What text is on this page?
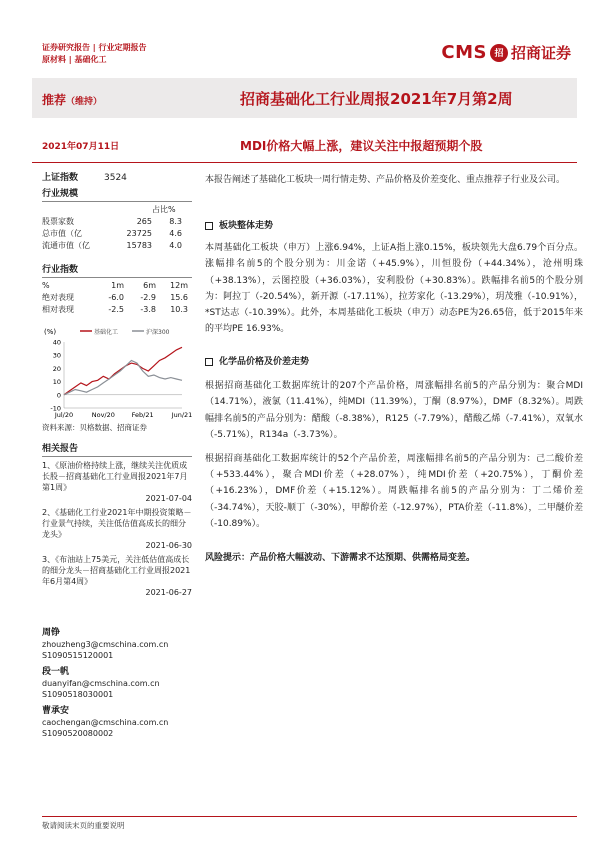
证券研究报告 | 行业定期报告
原材料 | 基础化工	CMS 招 招商证券
推荐（维持）	招商基础化工行业周报2021年7月第2周
2021年07月11日	MDI价格大幅上涨，建议关注中报超预期个股
上证指数	3524
行业规模
占比%
股票家数	265	8.3
总市值（亿	23725	4.6
流通市值（亿	15783	4.0
行业指数
%	1m	6m	12m
绝对表现	-6.0	-2.9	15.6
相对表现	-2.5	-3.8	10.3
(%)	基础化工	沪深300
40
30
20
10
0
-10
Jul/20	Nov/20	Feb/21	Jun/21
资料来源：贝格数据、招商证券
相关报告
1、《原油价格持续上涨，继续关注优质成长股－招商基础化工行业周报2021年7月第1周》
2021-07-04
2、《基础化工行业2021年中期投资策略－行业景气持续，关注低估值高成长的细分龙头》
2021-06-30
3、《布油站上75美元，关注低估值高成长的细分龙头－招商基础化工行业周报2021年6月第4周》
2021-06-27
周铮
zhouzheng3@cmschina.com.cn
S1090515120001
段一帆
duanyifan@cmschina.com.cn
S1090518030001
曹承安
caochengan@cmschina.com.cn
S1090520080002
本报告阐述了基础化工板块一周行情走势、产品价格及价差变化、重点推荐子行业及公司。
板块整体走势
本周基础化工板块（申万）上涨6.94%，上证A指上涨0.15%，板块领先大盘6.79个百分点。涨幅排名前5的个股分别为：川金诺（+45.9%），川恒股份（+44.34%），沧州明珠（+38.13%），云图控股（+36.03%），安利股份（+30.83%）。跌幅排名前5的个股分别为：阿拉丁（-20.54%），新开源（-17.11%），拉芳家化（-13.29%），玥茂雅（-10.91%），*ST达志（-10.39%）。此外，本周基础化工板块（申万）动态PE为26.65倍，低于2015年来的平均PE 16.93%。
化学品价格及价差走势
根据招商基础化工数据库统计的207个产品价格，周涨幅排名前5的产品分别为：聚合MDI（14.71%），液氯（11.41%），纯MDI（11.39%），丁酮（8.97%），DMF（8.32%）。周跌幅排名前5的产品分别为：醋酸（-8.38%），R125（-7.79%），醋酸乙烯（-7.41%），双氧水（-5.71%），R134a（-3.73%）。
根据招商基础化工数据库统计的52个产品价差，周涨幅排名前5的产品分别为：己二酸价差（+533.44%），聚合MDI价差（+28.07%），纯MDI价差（+20.75%），丁酮价差（+16.23%），DMF价差（+15.12%）。周跌幅排名前5的产品分别为：丁二烯价差（-34.74%），天胶-顺丁（-30%），甲醇价差（-12.97%），PTA价差（-11.8%），二甲醚价差（-10.89%）。
风险提示：产品价格大幅波动、下游需求不达预期、供需格局变差。
敬请阅读末页的重要说明
